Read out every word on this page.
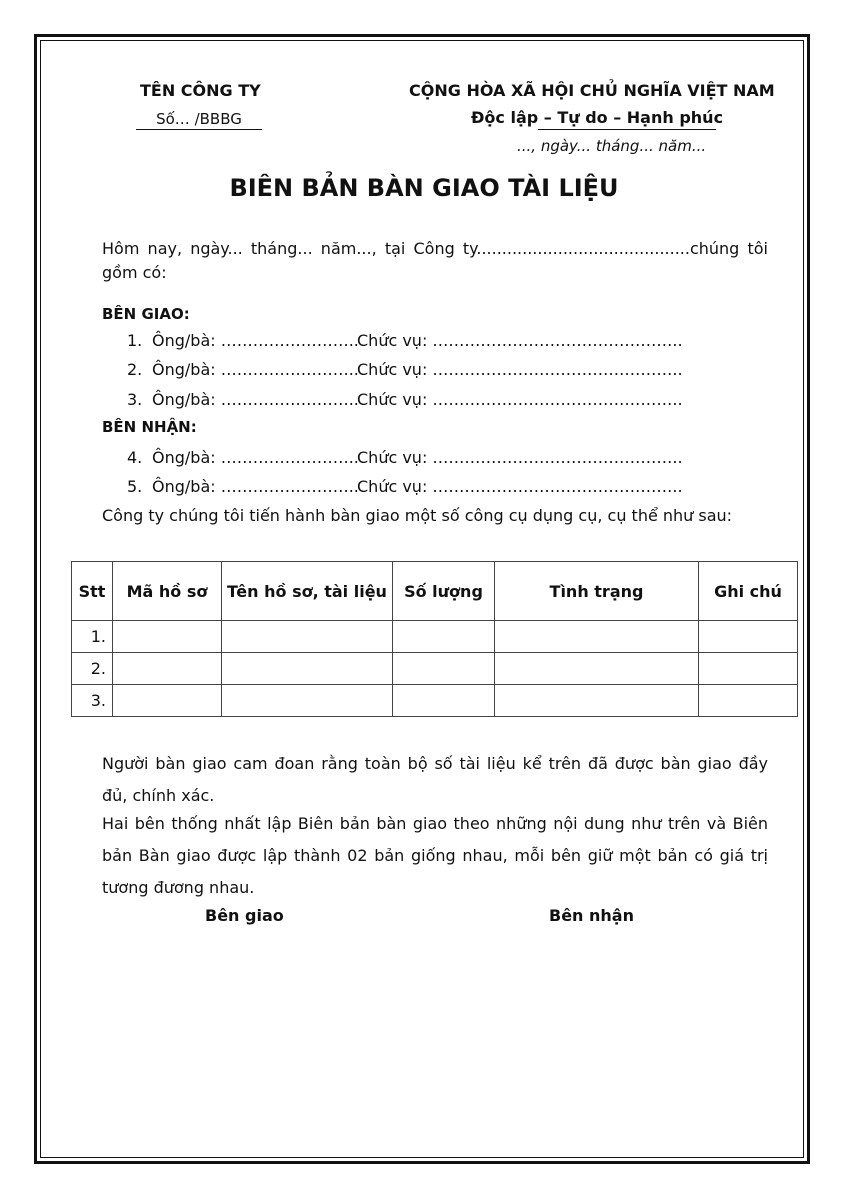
TÊN CÔNG TY
Số… /BBBG
CỘNG HÒA XÃ HỘI CHỦ NGHĨA VIỆT NAM
Độc lập – Tự do – Hạnh phúc
..., ngày... tháng... năm...
BIÊN BẢN BÀN GIAO TÀI LIỆU
Hôm nay, ngày... tháng... năm..., tại Công ty..........................................chúng tôi gồm có:
BÊN GIAO:
1. Ông/bà: ……………………..
Chức vụ: ………………………………………..
2. Ông/bà: ……………………..
Chức vụ: ………………………………………..
3. Ông/bà: ……………………..
Chức vụ: ………………………………………..
BÊN NHẬN:
4. Ông/bà: ……………………..
Chức vụ: ………………………………………..
5. Ông/bà: ……………………..
Chức vụ: ………………………………………..
Công ty chúng tôi tiến hành bàn giao một số công cụ dụng cụ, cụ thể như sau:
Stt	Mã hồ sơ	Tên hồ sơ, tài liệu	Số lượng	Tình trạng	Ghi chú
1.					
2.					
3.					
Người bàn giao cam đoan rằng toàn bộ số tài liệu kể trên đã được bàn giao đầy đủ, chính xác.
Hai bên thống nhất lập Biên bản bàn giao theo những nội dung như trên và Biên bản Bàn giao được lập thành 02 bản giống nhau, mỗi bên giữ một bản có giá trị tương đương nhau.
Bên giao	Bên nhận
